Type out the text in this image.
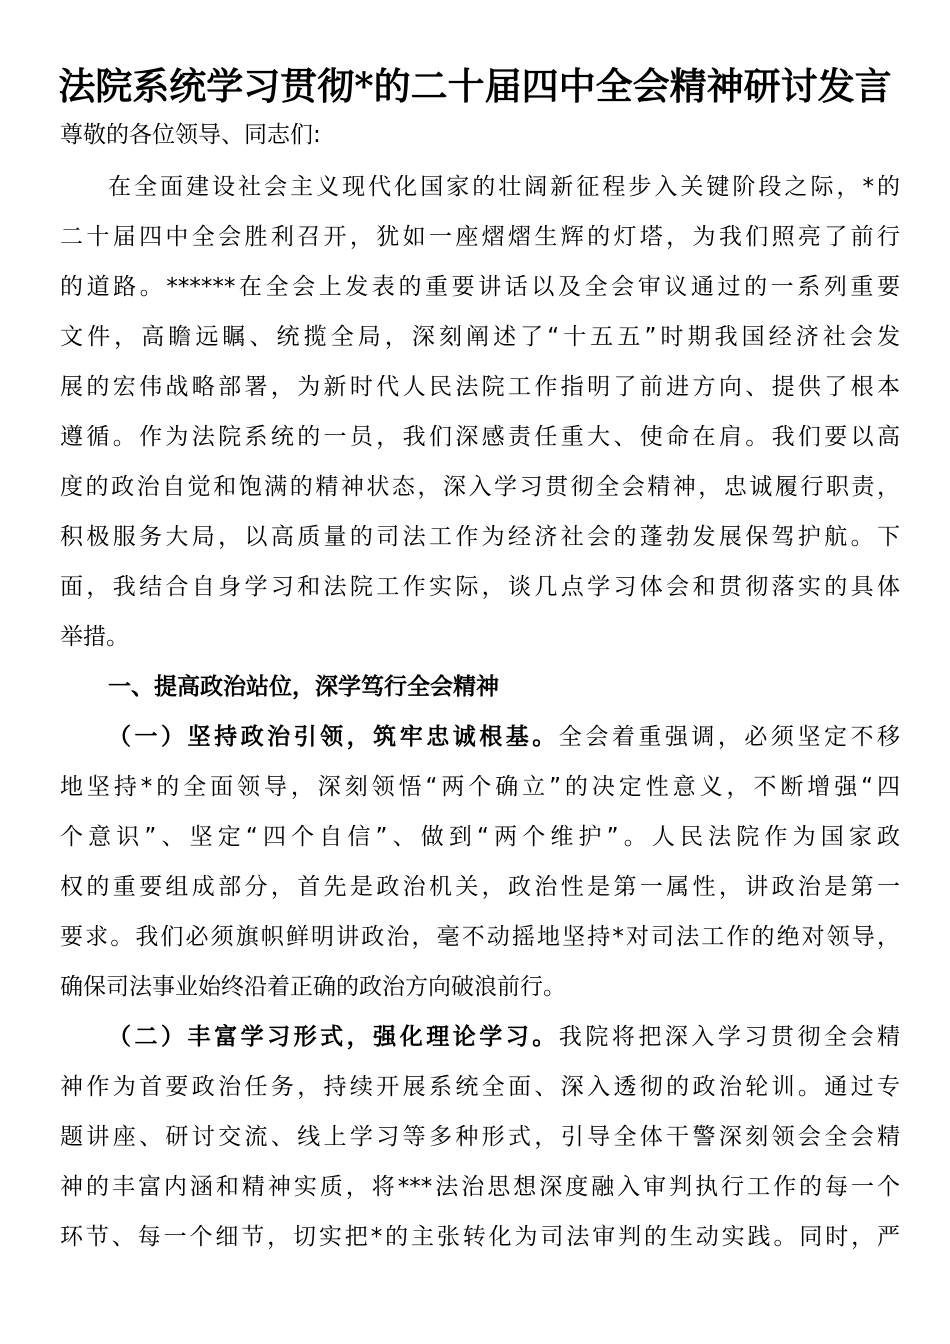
法院系统学习贯彻*的二十届四中全会精神研讨发言
尊敬的各位领导、同志们:
在全面建设社会主义现代化国家的壮阔新征程步入关键阶段之际，*的
二十届四中全会胜利召开，犹如一座熠熠生辉的灯塔，为我们照亮了前行
的道路。******在全会上发表的重要讲话以及全会审议通过的一系列重要
文件，高瞻远瞩、统揽全局，深刻阐述了“十五五”时期我国经济社会发
展的宏伟战略部署，为新时代人民法院工作指明了前进方向、提供了根本
遵循。作为法院系统的一员，我们深感责任重大、使命在肩。我们要以高
度的政治自觉和饱满的精神状态，深入学习贯彻全会精神，忠诚履行职责，
积极服务大局，以高质量的司法工作为经济社会的蓬勃发展保驾护航。下
面，我结合自身学习和法院工作实际，谈几点学习体会和贯彻落实的具体
举措。
一、提高政治站位，深学笃行全会精神
（一）坚持政治引领，筑牢忠诚根基。全会着重强调，必须坚定不移
地坚持*的全面领导，深刻领悟“两个确立”的决定性意义，不断增强“四
个意识”、坚定“四个自信”、做到“两个维护”。人民法院作为国家政
权的重要组成部分，首先是政治机关，政治性是第一属性，讲政治是第一
要求。我们必须旗帜鲜明讲政治，毫不动摇地坚持*对司法工作的绝对领导，
确保司法事业始终沿着正确的政治方向破浪前行。
（二）丰富学习形式，强化理论学习。我院将把深入学习贯彻全会精
神作为首要政治任务，持续开展系统全面、深入透彻的政治轮训。通过专
题讲座、研讨交流、线上学习等多种形式，引导全体干警深刻领会全会精
神的丰富内涵和精神实质，将***法治思想深度融入审判执行工作的每一个
环节、每一个细节，切实把*的主张转化为司法审判的生动实践。同时，严
